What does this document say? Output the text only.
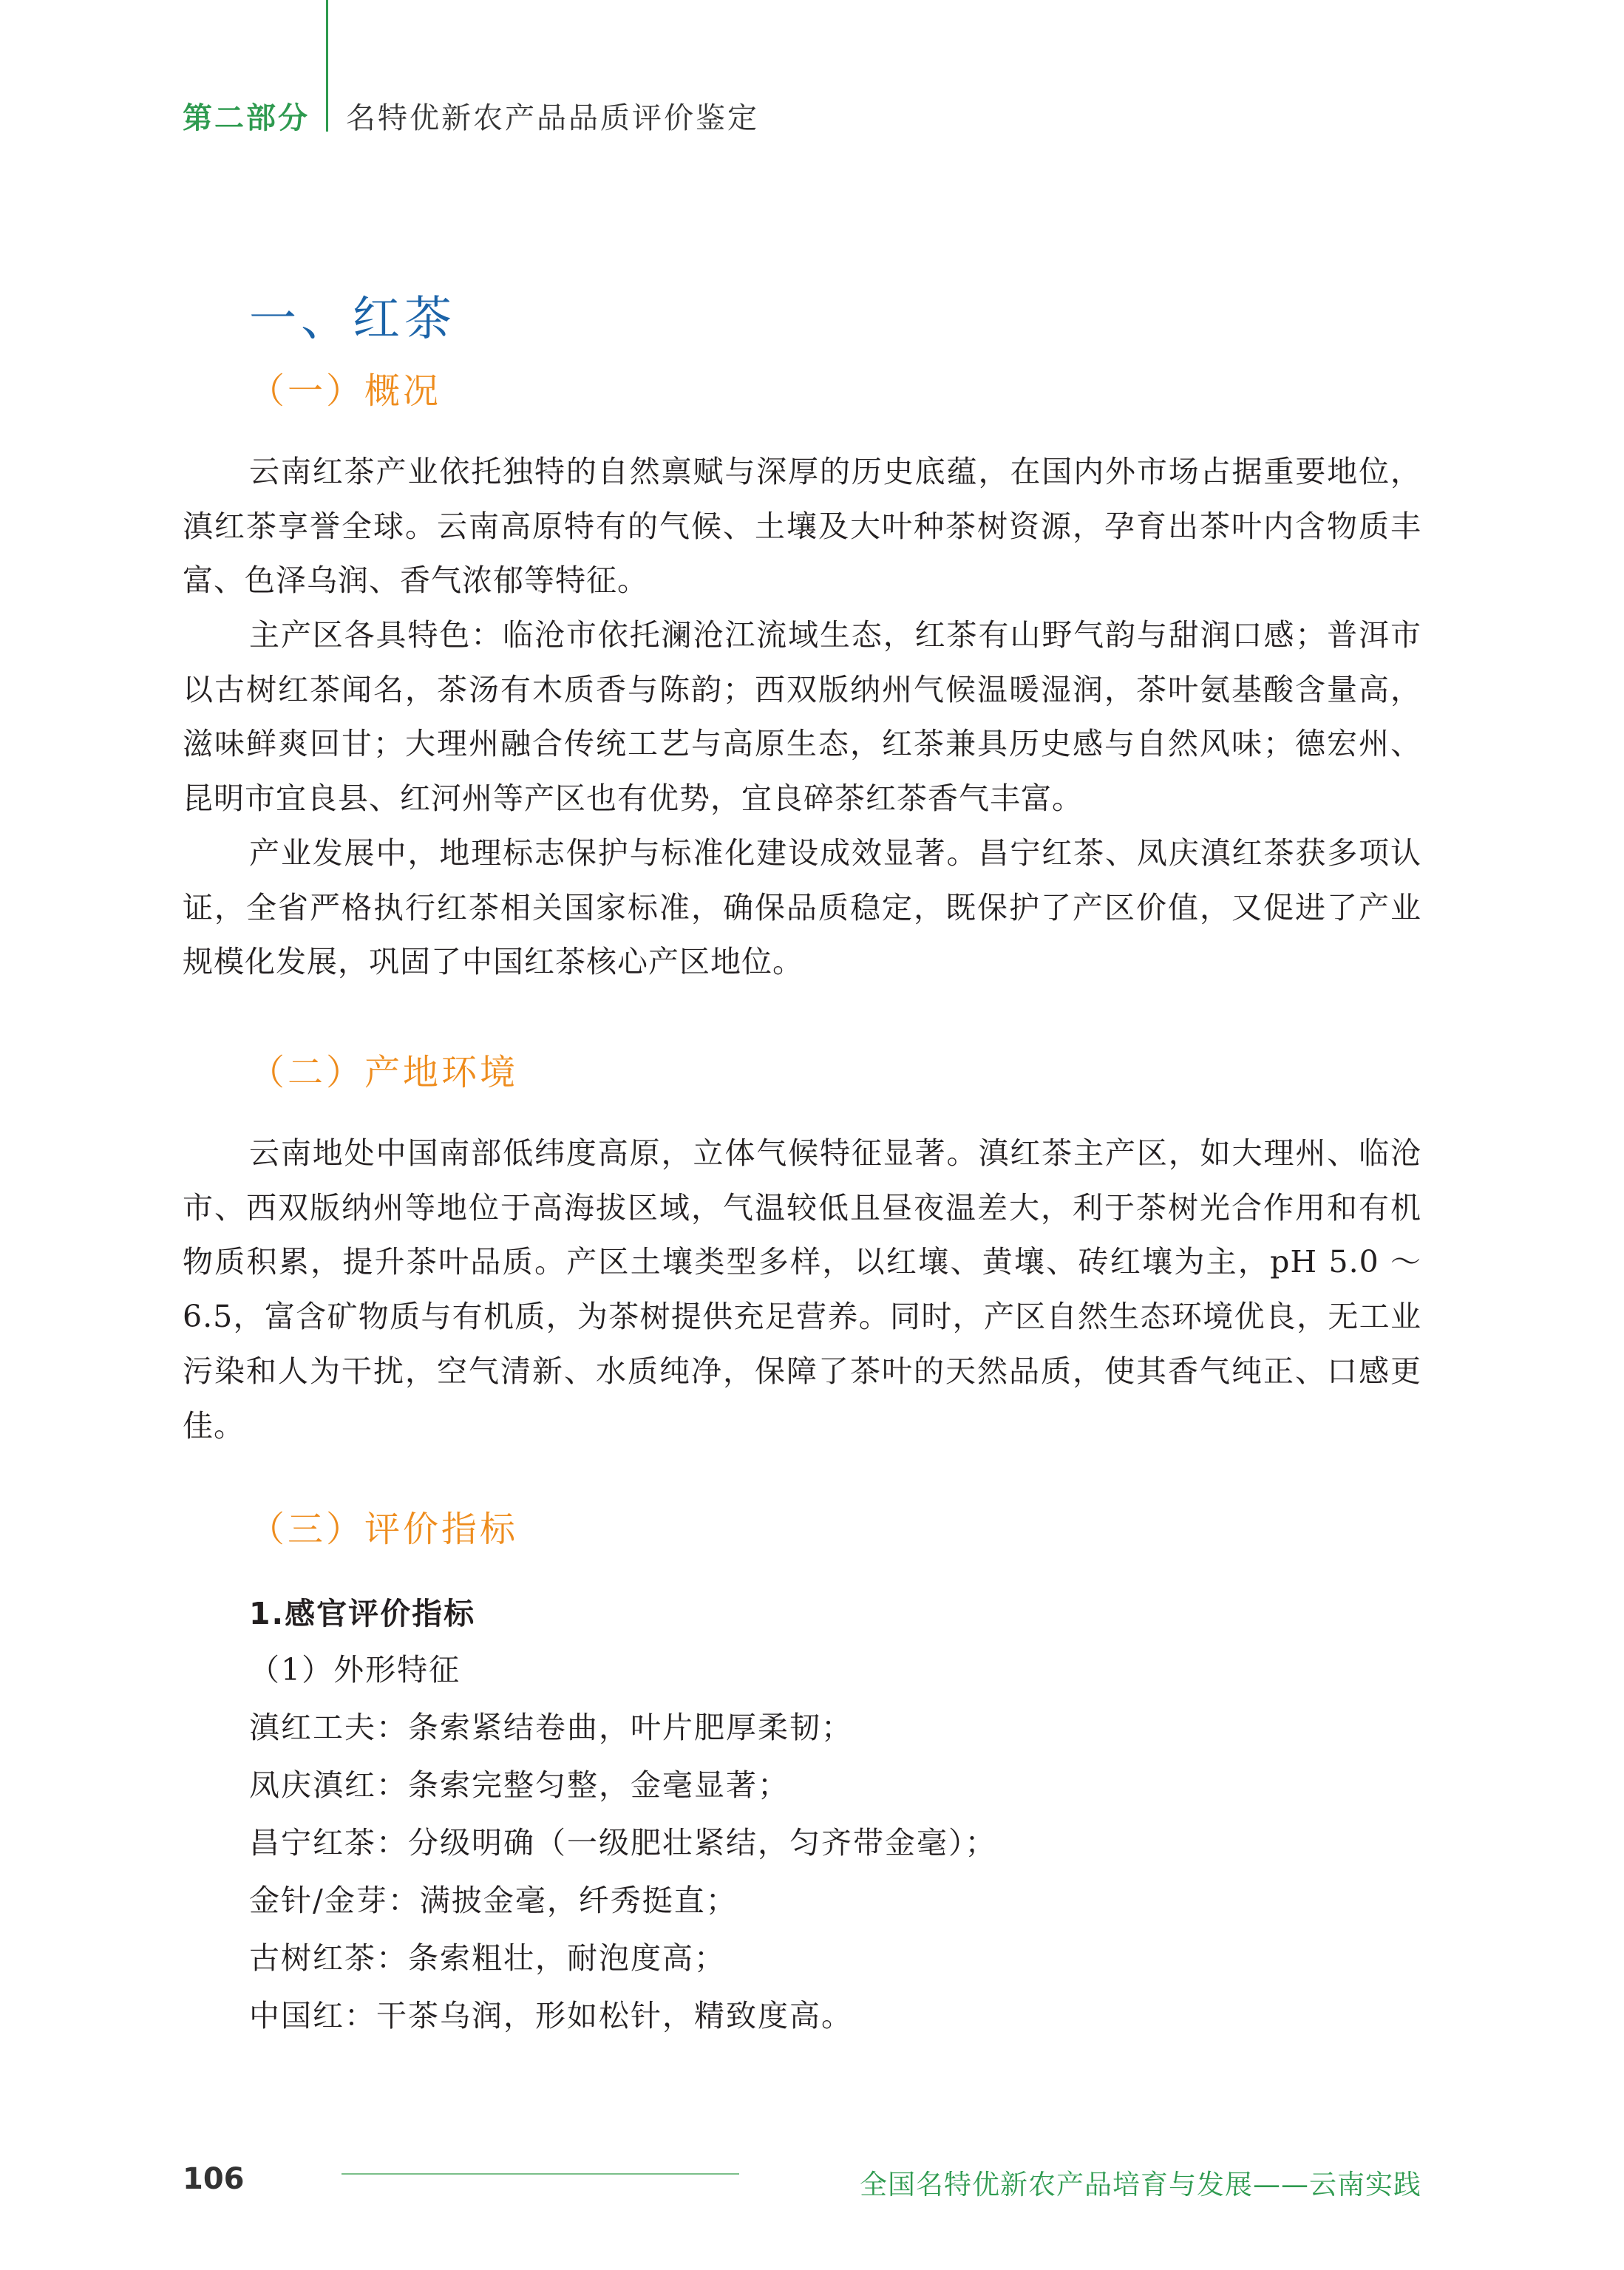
第二部分 名特优新农产品品质评价鉴定
一、红茶
（一）概况

云南红茶产业依托独特的自然禀赋与深厚的历史底蕴，在国内外市场占据重要地位，滇红茶享誉全球。云南高原特有的气候、土壤及大叶种茶树资源，孕育出茶叶内含物质丰富、色泽乌润、香气浓郁等特征。

主产区各具特色：临沧市依托澜沧江流域生态，红茶有山野气韵与甜润口感；普洱市以古树红茶闻名，茶汤有木质香与陈韵；西双版纳州气候温暖湿润，茶叶氨基酸含量高，滋味鲜爽回甘；大理州融合传统工艺与高原生态，红茶兼具历史感与自然风味；德宏州、昆明市宜良县、红河州等产区也有优势，宜良碎茶红茶香气丰富。

产业发展中，地理标志保护与标准化建设成效显著。昌宁红茶、凤庆滇红茶获多项认证，全省严格执行红茶相关国家标准，确保品质稳定，既保护了产区价值，又促进了产业规模化发展，巩固了中国红茶核心产区地位。

（二）产地环境

云南地处中国南部低纬度高原，立体气候特征显著。滇红茶主产区，如大理州、临沧市、西双版纳州等地位于高海拔区域，气温较低且昼夜温差大，利于茶树光合作用和有机物质积累，提升茶叶品质。产区土壤类型多样，以红壤、黄壤、砖红壤为主，pH 5.0 ～ 6.5，富含矿物质与有机质，为茶树提供充足营养。同时，产区自然生态环境优良，无工业污染和人为干扰，空气清新、水质纯净，保障了茶叶的天然品质，使其香气纯正、口感更佳。

（三）评价指标
1.感官评价指标
（1）外形特征
滇红工夫：条索紧结卷曲，叶片肥厚柔韧；
凤庆滇红：条索完整匀整，金毫显著；
昌宁红茶：分级明确（一级肥壮紧结，匀齐带金毫）；
金针/金芽：满披金毫，纤秀挺直；
古树红茶：条索粗壮，耐泡度高；
中国红：干茶乌润，形如松针，精致度高。
106	全国名特优新农产品培育与发展——云南实践
